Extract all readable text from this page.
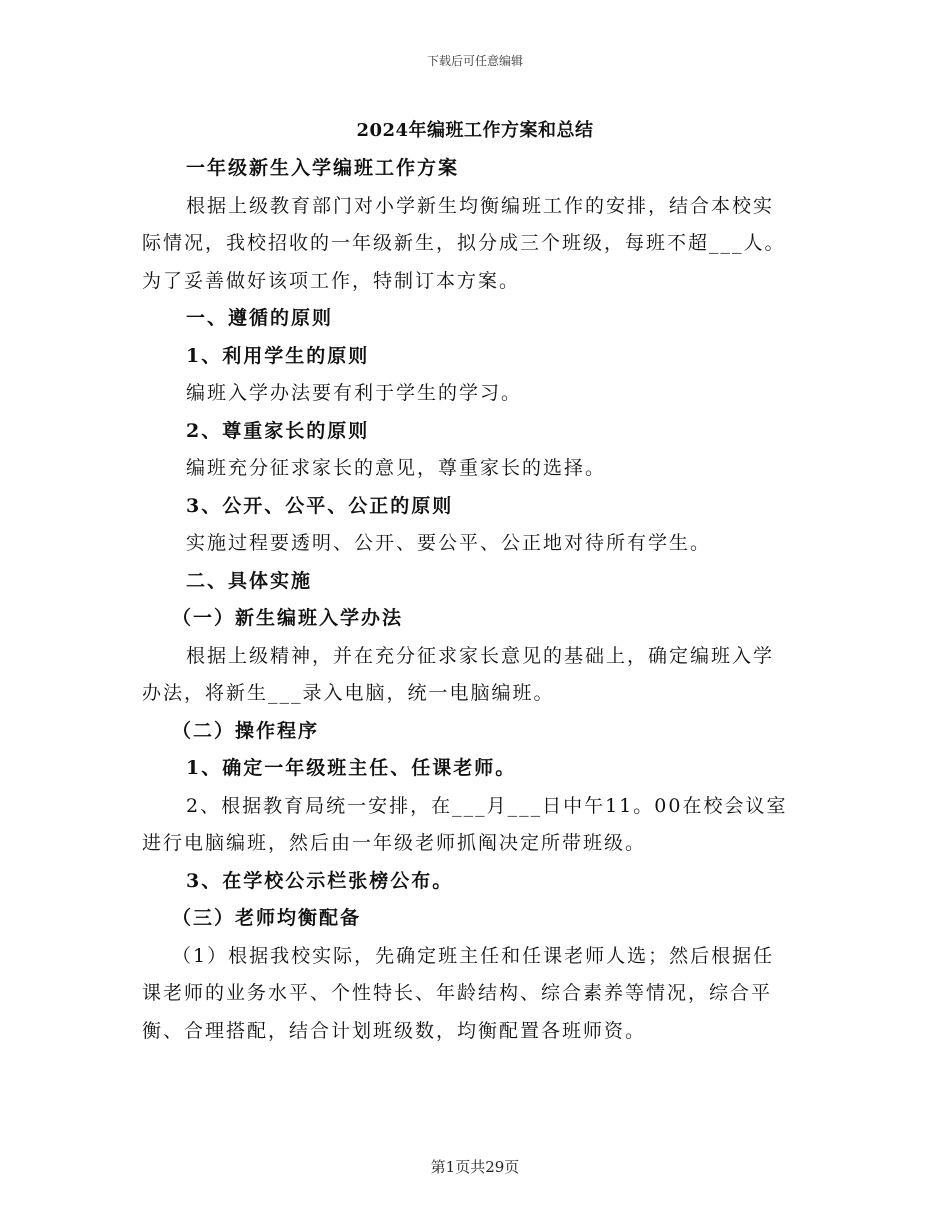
下载后可任意编辑
2024年编班工作方案和总结
一年级新生入学编班工作方案
根据上级教育部门对小学新生均衡编班工作的安排，结合本校实
际情况，我校招收的一年级新生，拟分成三个班级，每班不超___人。
为了妥善做好该项工作，特制订本方案。
一、遵循的原则
1、利用学生的原则
编班入学办法要有利于学生的学习。
2、尊重家长的原则
编班充分征求家长的意见，尊重家长的选择。
3、公开、公平、公正的原则
实施过程要透明、公开、要公平、公正地对待所有学生。
二、具体实施
（一）新生编班入学办法
根据上级精神，并在充分征求家长意见的基础上，确定编班入学
办法，将新生___录入电脑，统一电脑编班。
（二）操作程序
1、确定一年级班主任、任课老师。
2、根据教育局统一安排，在___月___日中午11。00在校会议室
进行电脑编班，然后由一年级老师抓阄决定所带班级。
3、在学校公示栏张榜公布。
（三）老师均衡配备
（1）根据我校实际，先确定班主任和任课老师人选；然后根据任
课老师的业务水平、个性特长、年龄结构、综合素养等情况，综合平
衡、合理搭配，结合计划班级数，均衡配置各班师资。
第1页共29页
